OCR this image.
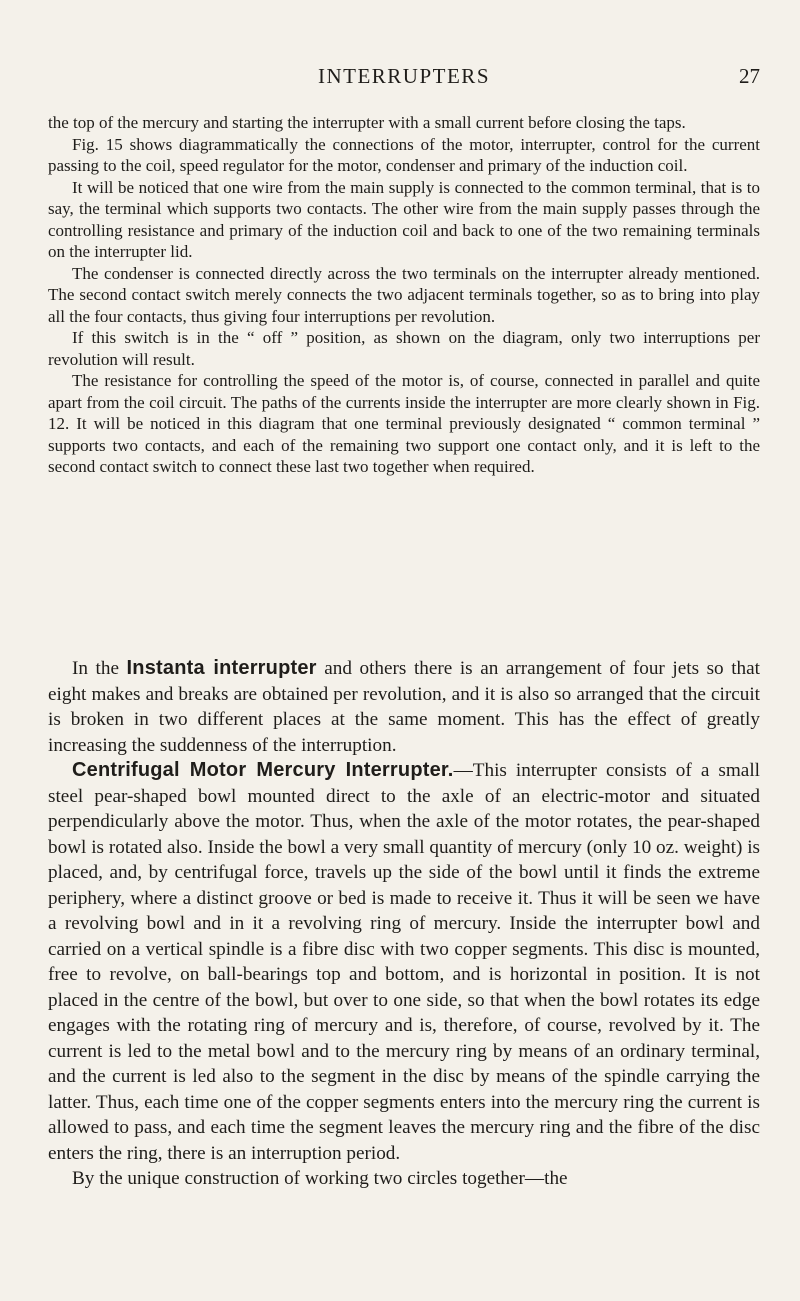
INTERRUPTERS	27

the top of the mercury and starting the interrupter with a small current before closing the taps.

Fig. 15 shows diagrammatically the connections of the motor, interrupter, control for the current passing to the coil, speed regulator for the motor, condenser and primary of the induction coil.

It will be noticed that one wire from the main supply is connected to the common terminal, that is to say, the terminal which supports two contacts. The other wire from the main supply passes through the controlling resistance and primary of the induction coil and back to one of the two remaining terminals on the interrupter lid.

The condenser is connected directly across the two terminals on the interrupter already mentioned. The second contact switch merely connects the two adjacent terminals together, so as to bring into play all the four contacts, thus giving four interruptions per revolution.

If this switch is in the “ off ” position, as shown on the diagram, only two interruptions per revolution will result.

The resistance for controlling the speed of the motor is, of course, connected in parallel and quite apart from the coil circuit. The paths of the currents inside the interrupter are more clearly shown in Fig. 12. It will be noticed in this diagram that one terminal previously designated “ common terminal ” supports two contacts, and each of the remaining two support one contact only, and it is left to the second contact switch to connect these last two together when required.

In the Instanta interrupter and others there is an arrangement of four jets so that eight makes and breaks are obtained per revolution, and it is also so arranged that the circuit is broken in two different places at the same moment. This has the effect of greatly increasing the suddenness of the interruption.

Centrifugal Motor Mercury Interrupter.—This interrupter consists of a small steel pear-shaped bowl mounted direct to the axle of an electric-motor and situated perpendicularly above the motor. Thus, when the axle of the motor rotates, the pear-shaped bowl is rotated also. Inside the bowl a very small quantity of mercury (only 10 oz. weight) is placed, and, by centrifugal force, travels up the side of the bowl until it finds the extreme periphery, where a distinct groove or bed is made to receive it. Thus it will be seen we have a revolving bowl and in it a revolving ring of mercury. Inside the interrupter bowl and carried on a vertical spindle is a fibre disc with two copper segments. This disc is mounted, free to revolve, on ball-bearings top and bottom, and is horizontal in position. It is not placed in the centre of the bowl, but over to one side, so that when the bowl rotates its edge engages with the rotating ring of mercury and is, therefore, of course, revolved by it. The current is led to the metal bowl and to the mercury ring by means of an ordinary terminal, and the current is led also to the segment in the disc by means of the spindle carrying the latter. Thus, each time one of the copper segments enters into the mercury ring the current is allowed to pass, and each time the segment leaves the mercury ring and the fibre of the disc enters the ring, there is an interruption period.

By the unique construction of working two circles together—the
